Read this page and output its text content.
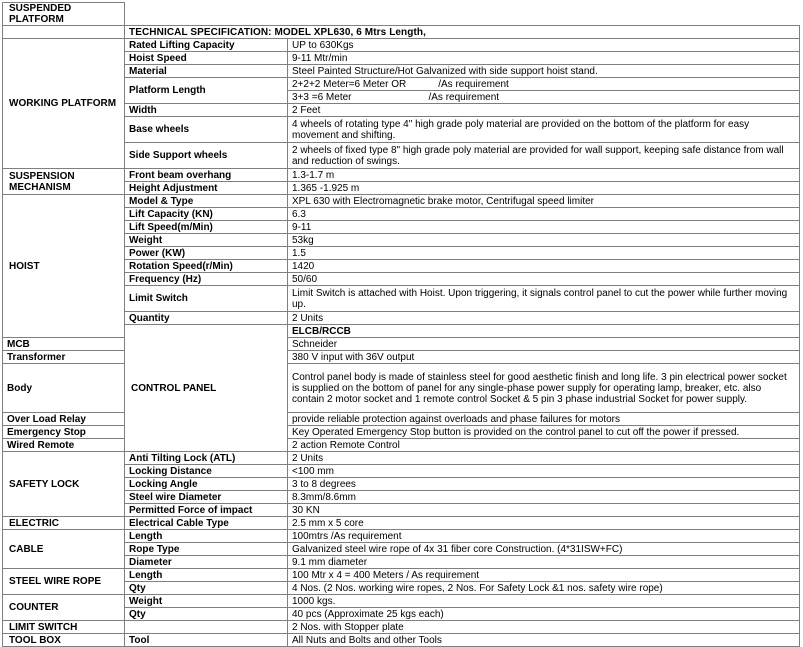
SUSPENDED PLATFORM			
	TECHNICAL SPECIFICATION: MODEL XPL630, 6 Mtrs Length,		
WORKING PLATFORM	Rated Lifting Capacity	UP to 630Kgs	
	Hoist Speed	9-11 Mtr/min	
	Material	Steel Painted Structure/Hot Galvanized with side support hoist stand.	
	Platform Length	2+2+2 Meter=6 Meter OR /As requirement	
		3+3 =6 Meter /As requirement	
	Width	2 Feet	
	Base wheels	4 wheels of rotating type 4" high grade poly material are provided on the bottom of the platform for easy movement and shifting.	
	Side Support wheels	2 wheels of fixed type 8" high grade poly material are provided for wall support, keeping safe distance from wall and reduction of swings.	
SUSPENSION MECHANISM	Front beam overhang	1.3-1.7 m	
	Height Adjustment	1.365 -1.925 m	
HOIST	Model & Type	XPL 630 with Electromagnetic brake motor, Centrifugal speed limiter	
	Lift Capacity (KN)	6.3	
	Lift Speed(m/Min)	9-11	
	Weight	53kg	
	Power (KW)	1.5	
	Rotation Speed(r/Min)	1420	
	Frequency (Hz)	50/60	
	Limit Switch	Limit Switch is attached with Hoist. Upon triggering, it signals control panel to cut the power while further moving up.	
	Quantity	2 Units	
	CONTROL PANEL	ELCB/RCCB	
MCB		Schneider	
Transformer		380 V input with 36V output	
Body		Control panel body is made of stainless steel for good aesthetic finish and long life. 3 pin electrical power socket is supplied on the bottom of panel for any single-phase power supply for operating lamp, breaker, etc. also contain 2 motor socket and 1 remote control Socket & 5 pin 3 phase industrial Socket for power supply.	
Over Load Relay		provide reliable protection against overloads and phase failures for motors	
Emergency Stop		Key Operated Emergency Stop button is provided on the control panel to cut off the power if pressed.	
Wired Remote		2 action Remote Control	
SAFETY LOCK	Anti Tilting Lock (ATL)	2 Units	
	Locking Distance	<100 mm	
	Locking Angle	3 to 8 degrees	
	Steel wire Diameter	8.3mm/8.6mm	
	Permitted Force of impact	30 KN	
ELECTRIC	Electrical Cable Type	2.5 mm x 5 core	
CABLE	Length	100mtrs /As requirement	
	Rope Type	Galvanized steel wire rope of 4x 31 fiber core Construction. (4*31ISW+FC)	
	Diameter	9.1 mm diameter	
STEEL WIRE ROPE	Length	100 Mtr x 4 = 400 Meters / As requirement	
	Qty	4 Nos. (2 Nos. working wire ropes, 2 Nos. For Safety Lock &1 nos. safety wire rope)	
COUNTER	Weight	1000 kgs.	
	Qty	40 pcs (Approximate 25 kgs each)	
LIMIT SWITCH		2 Nos. with Stopper plate	
TOOL BOX	Tool	All Nuts and Bolts and other Tools	
